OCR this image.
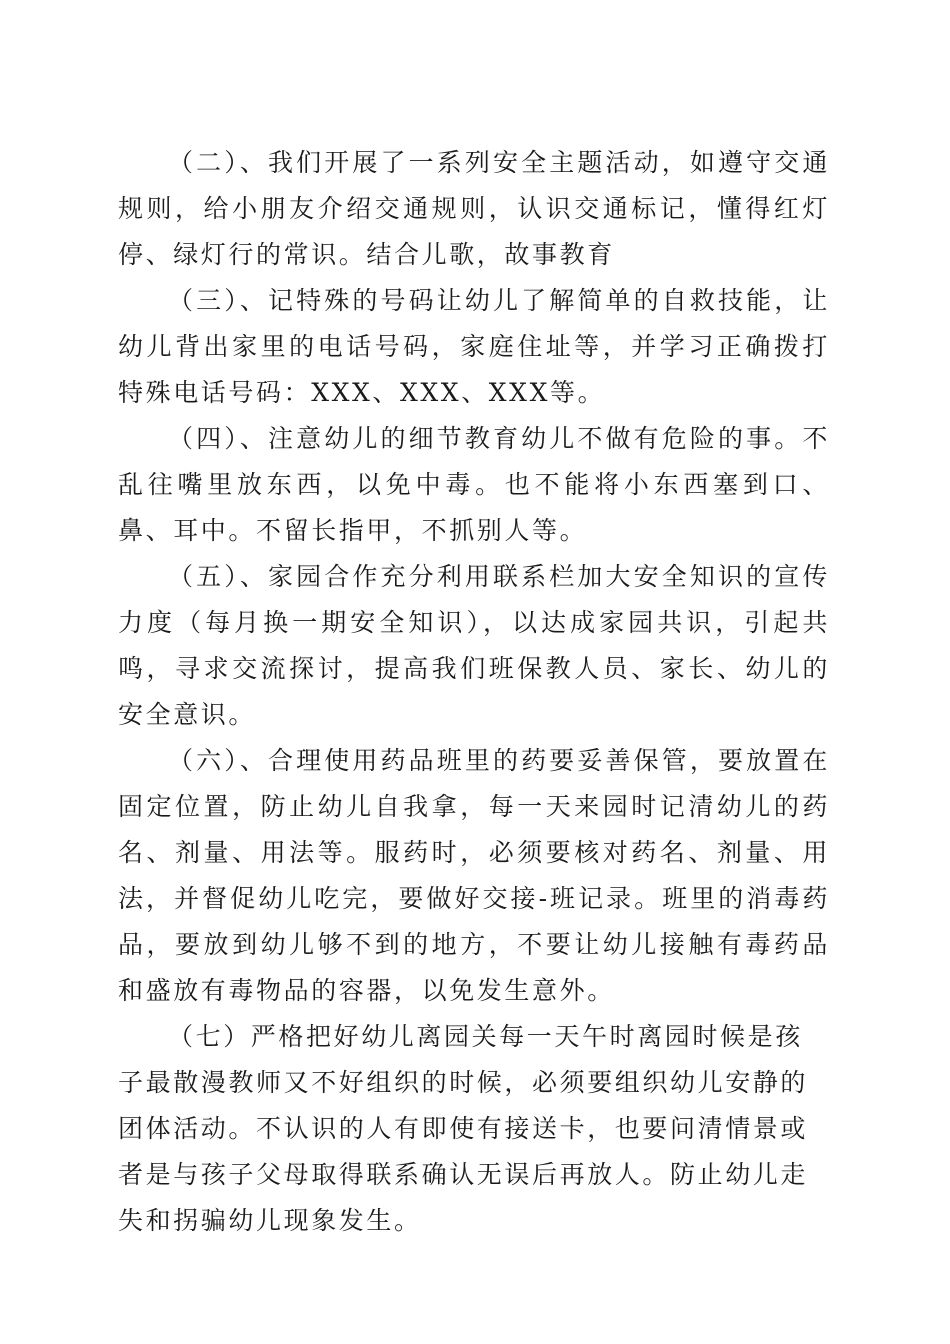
（二）、我们开展了一系列安全主题活动，如遵守交通规则，给小朋友介绍交通规则，认识交通标记，懂得红灯停、绿灯行的常识。结合儿歌，故事教育

（三）、记特殊的号码让幼儿了解简单的自救技能，让幼儿背出家里的电话号码，家庭住址等，并学习正确拨打特殊电话号码：XXX、XXX、XXX等。

（四）、注意幼儿的细节教育幼儿不做有危险的事。不乱往嘴里放东西，以免中毒。也不能将小东西塞到口、鼻、耳中。不留长指甲，不抓别人等。

（五）、家园合作充分利用联系栏加大安全知识的宣传力度（每月换一期安全知识），以达成家园共识，引起共鸣，寻求交流探讨，提高我们班保教人员、家长、幼儿的安全意识。

（六）、合理使用药品班里的药要妥善保管，要放置在固定位置，防止幼儿自我拿，每一天来园时记清幼儿的药名、剂量、用法等。服药时，必须要核对药名、剂量、用法，并督促幼儿吃完，要做好交接-班记录。班里的消毒药品，要放到幼儿够不到的地方，不要让幼儿接触有毒药品和盛放有毒物品的容器，以免发生意外。

（七）严格把好幼儿离园关每一天午时离园时候是孩子最散漫教师又不好组织的时候，必须要组织幼儿安静的团体活动。不认识的人有即使有接送卡，也要问清情景或者是与孩子父母取得联系确认无误后再放人。防止幼儿走失和拐骗幼儿现象发生。
